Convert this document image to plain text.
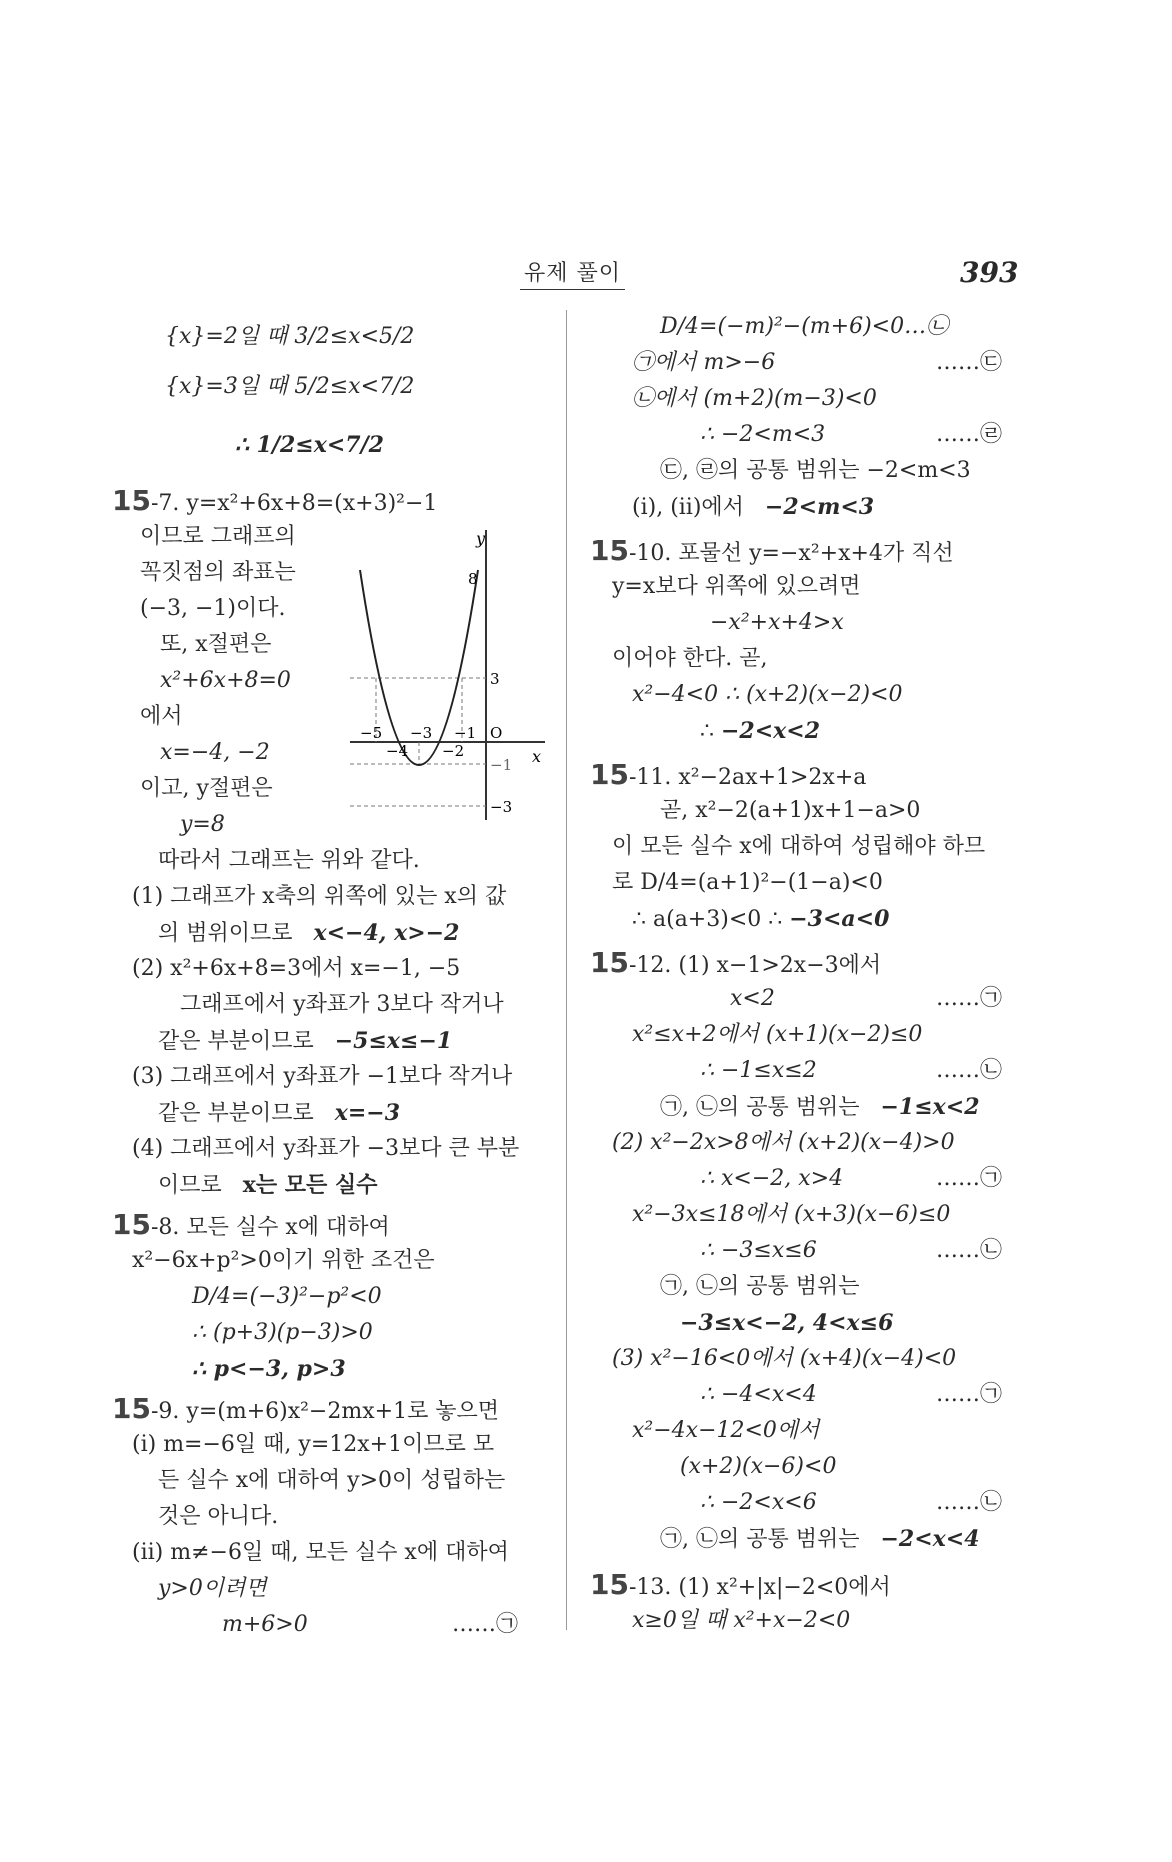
유제 풀이	393
{x}=2일 때 3/2≤x<5/2
{x}=3일 때 5/2≤x<7/2
∴ 1/2≤x<7/2
15-7. y=x²+6x+8=(x+3)²−1
이므로 그래프의
꼭짓점의 좌표는
(−3, −1)이다.
또, x절편은
x²+6x+8=0
에서
x=−4, −2
이고, y절편은
y=8
따라서 그래프는 위와 같다.
(1) 그래프가 x축의 위쪽에 있는 x의 값
의 범위이므로 x<−4, x>−2
(2) x²+6x+8=3에서 x=−1, −5
그래프에서 y좌표가 3보다 작거나
같은 부분이므로 −5≤x≤−1
(3) 그래프에서 y좌표가 −1보다 작거나
같은 부분이므로 x=−3
(4) 그래프에서 y좌표가 −3보다 큰 부분
이므로 x는 모든 실수
15-8. 모든 실수 x에 대하여
x²−6x+p²>0이기 위한 조건은
D/4=(−3)²−p²<0
∴ (p+3)(p−3)>0
∴ p<−3, p>3
15-9. y=(m+6)x²−2mx+1로 놓으면
(ⅰ) m=−6일 때, y=12x+1이므로 모
든 실수 x에 대하여 y>0이 성립하는
것은 아니다.
(ⅱ) m≠−6일 때, 모든 실수 x에 대하여
y>0이려면
m+6>0	……㉠
y
x
O
8
3
−1
−3
−5
−4
−3
−2
−1
D/4=(−m)²−(m+6)<0…㉡
㉠에서 m>−6	……㉢
㉡에서 (m+2)(m−3)<0
∴ −2<m<3	……㉣
㉢, ㉣의 공통 범위는 −2<m<3
(ⅰ), (ⅱ)에서 −2<m<3
15-10. 포물선 y=−x²+x+4가 직선
y=x보다 위쪽에 있으려면
−x²+x+4>x
이어야 한다. 곧,
x²−4<0 ∴ (x+2)(x−2)<0
∴ −2<x<2
15-11. x²−2ax+1>2x+a
곧, x²−2(a+1)x+1−a>0
이 모든 실수 x에 대하여 성립해야 하므
로 D/4=(a+1)²−(1−a)<0
∴ a(a+3)<0 ∴ −3<a<0
15-12. (1) x−1>2x−3에서
x<2	……㉠
x²≤x+2에서 (x+1)(x−2)≤0
∴ −1≤x≤2	……㉡
㉠, ㉡의 공통 범위는 −1≤x<2
(2) x²−2x>8에서 (x+2)(x−4)>0
∴ x<−2, x>4	……㉠
x²−3x≤18에서 (x+3)(x−6)≤0
∴ −3≤x≤6	……㉡
㉠, ㉡의 공통 범위는
−3≤x<−2, 4<x≤6
(3) x²−16<0에서 (x+4)(x−4)<0
∴ −4<x<4	……㉠
x²−4x−12<0에서
(x+2)(x−6)<0
∴ −2<x<6	……㉡
㉠, ㉡의 공통 범위는 −2<x<4
15-13. (1) x²+|x|−2<0에서
x≥0일 때 x²+x−2<0
